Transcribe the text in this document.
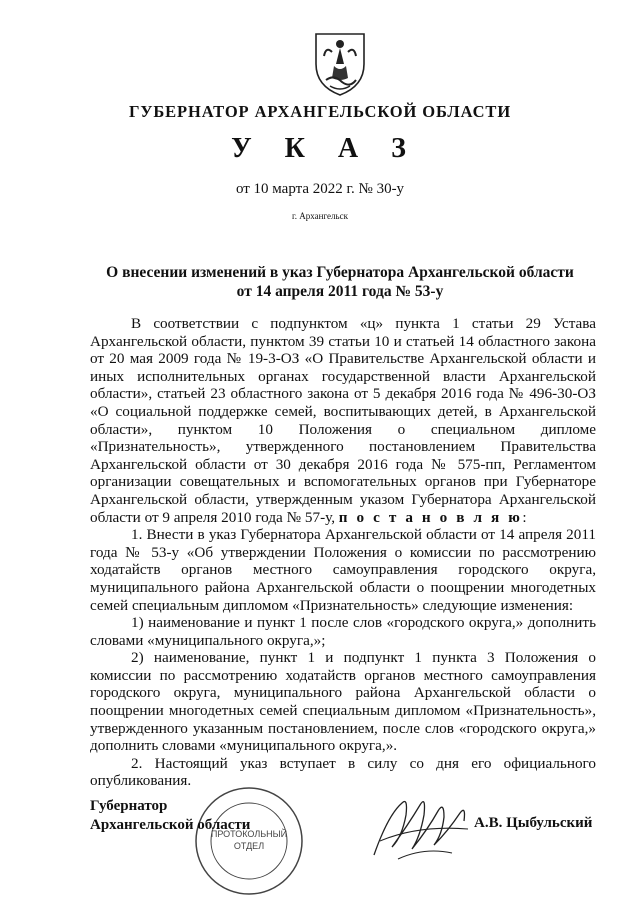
ГУБЕРНАТОР АРХАНГЕЛЬСКОЙ ОБЛАСТИ
У К А З
от 10 марта 2022 г. № 30-у
г. Архангельск
О внесении изменений в указ Губернатора Архангельской области
от 14 апреля 2011 года № 53-у

В соответствии с подпунктом «ц» пункта 1 статьи 29 Устава Архангельской области, пунктом 39 статьи 10 и статьей 14 областного закона от 20 мая 2009 года № 19-3-ОЗ «О Правительстве Архангельской области и иных исполнительных органах государственной власти Архангельской области», статьей 23 областного закона от 5 декабря 2016 года № 496-30-ОЗ «О социальной поддержке семей, воспитывающих детей, в Архангельской области», пунктом 10 Положения о специальном дипломе «Признательность», утвержденного постановлением Правительства Архангельской области от 30 декабря 2016 года № 575-пп, Регламентом организации совещательных и вспомогательных органов при Губернаторе Архангельской области, утвержденным указом Губернатора Архангельской области от 9 апреля 2010 года № 57-у, п о с т а н о в л я ю:

1. Внести в указ Губернатора Архангельской области от 14 апреля 2011 года № 53-у «Об утверждении Положения о комиссии по рассмотрению ходатайств органов местного самоуправления городского округа, муниципального района Архангельской области о поощрении многодетных семей специальным дипломом «Признательность» следующие изменения:

1) наименование и пункт 1 после слов «городского округа,» дополнить словами «муниципального округа,»;

2) наименование, пункт 1 и подпункт 1 пункта 3 Положения о комиссии по рассмотрению ходатайств органов местного самоуправления городского округа, муниципального района Архангельской области о поощрении многодетных семей специальным дипломом «Признательность», утвержденного указанным постановлением, после слов «городского округа,» дополнить словами «муниципального округа,».

2. Настоящий указ вступает в силу со дня его официального опубликования.

ПРОТОКОЛЬНЫЙ
ОТДЕЛ
Губернатор
Архангельской области	А.В. Цыбульский
